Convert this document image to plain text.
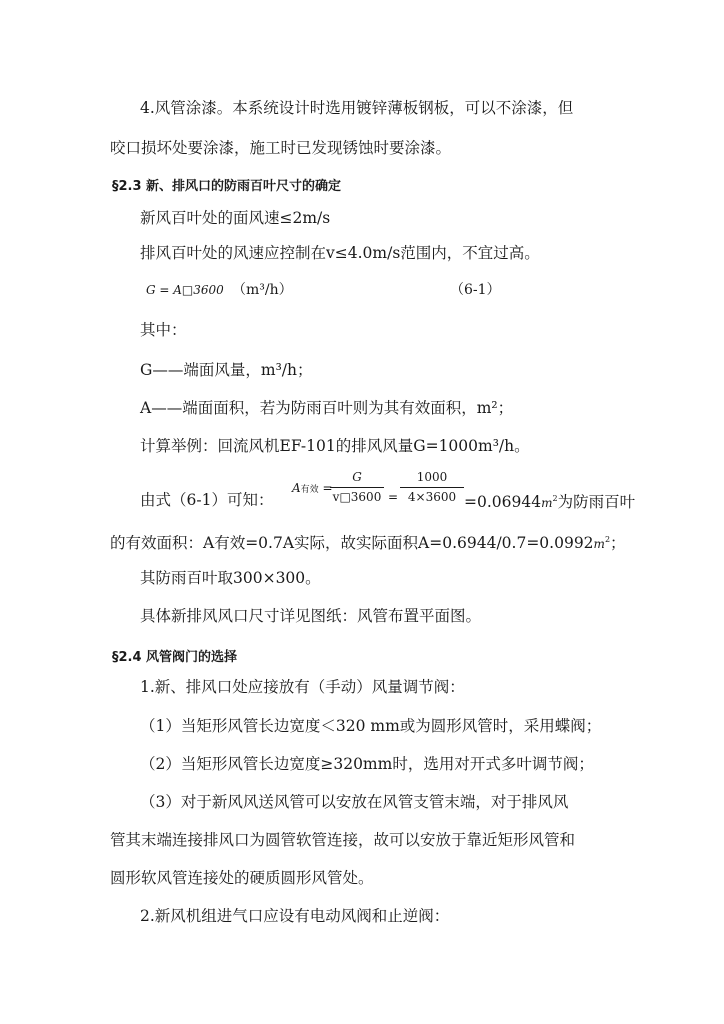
4.风管涂漆。本系统设计时选用镀锌薄板钢板，可以不涂漆，但
咬口损坏处要涂漆，施工时已发现锈蚀时要涂漆。
§2.3 新、排风口的防雨百叶尺寸的确定
新风百叶处的面风速≤2m/s
排风百叶处的风速应控制在v≤4.0m/s范围内，不宜过高。
G = A□3600 （m³/h）	（6-1）
其中：
G——端面风量，m³/h；
A——端面面积，若为防雨百叶则为其有效面积，m²；
计算举例：回流风机EF-101的排风风量G=1000m³/h。
由式（6-1）可知：
A有效 =
G
v□3600 =
1000
$4\times 3600 =0.06944m^2$为防雨百叶
的有效面积：A有效=0.7A实际，故实际面积$A=0.6944/0.7=0.0992m^2$；
其防雨百叶取300×300。
具体新排风风口尺寸详见图纸：风管布置平面图。
§2.4 风管阀门的选择
1.新、排风口处应接放有（手动）风量调节阀：
（1）当矩形风管长边宽度＜320 mm或为圆形风管时，采用蝶阀；
（2）当矩形风管长边宽度≥320mm时，选用对开式多叶调节阀；
（3）对于新风风送风管可以安放在风管支管末端，对于排风风
管其末端连接排风口为圆管软管连接，故可以安放于靠近矩形风管和
圆形软风管连接处的硬质圆形风管处。
2.新风机组进气口应设有电动风阀和止逆阀：
